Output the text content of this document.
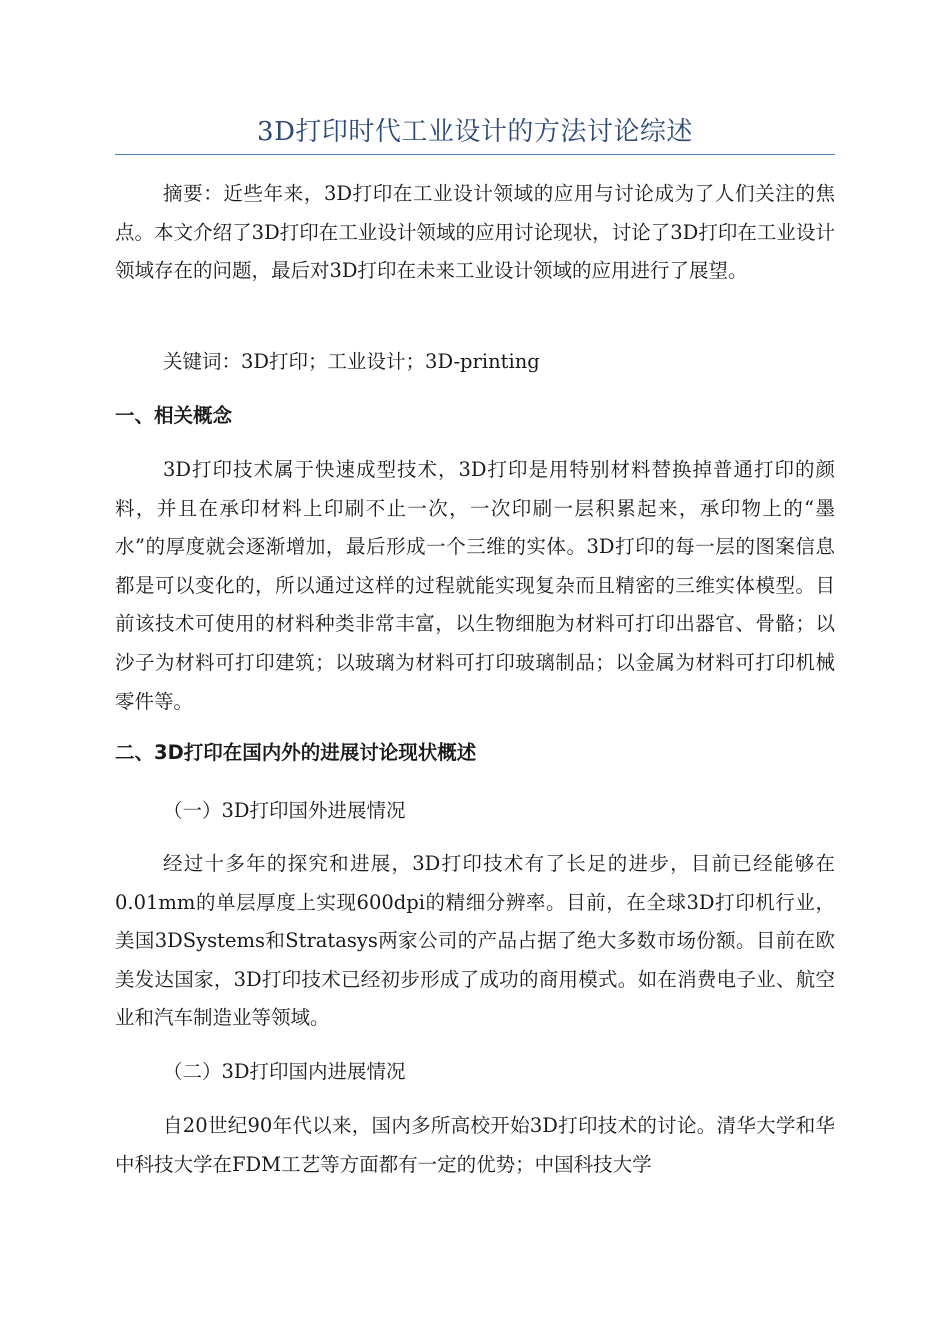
3D打印时代工业设计的方法讨论综述

摘要：近些年来，3D打印在工业设计领域的应用与讨论成为了人们关注的焦点。本文介绍了3D打印在工业设计领域的应用讨论现状，讨论了3D打印在工业设计领域存在的问题，最后对3D打印在未来工业设计领域的应用进行了展望。

关键词：3D打印；工业设计；3D-printing

一、相关概念

3D打印技术属于快速成型技术，3D打印是用特别材料替换掉普通打印的颜料，并且在承印材料上印刷不止一次，一次印刷一层积累起来，承印物上的“墨水”的厚度就会逐渐增加，最后形成一个三维的实体。3D打印的每一层的图案信息都是可以变化的，所以通过这样的过程就能实现复杂而且精密的三维实体模型。目前该技术可使用的材料种类非常丰富，以生物细胞为材料可打印出器官、骨骼；以沙子为材料可打印建筑；以玻璃为材料可打印玻璃制品；以金属为材料可打印机械零件等。

二、3D打印在国内外的进展讨论现状概述

（一）3D打印国外进展情况

经过十多年的探究和进展，3D打印技术有了长足的进步，目前已经能够在0.01mm的单层厚度上实现600dpi的精细分辨率。目前，在全球3D打印机行业，美国3DSystems和Stratasys两家公司的产品占据了绝大多数市场份额。目前在欧美发达国家，3D打印技术已经初步形成了成功的商用模式。如在消费电子业、航空业和汽车制造业等领域。

（二）3D打印国内进展情况

自20世纪90年代以来，国内多所高校开始3D打印技术的讨论。清华大学和华中科技大学在FDM工艺等方面都有一定的优势；中国科技大学
